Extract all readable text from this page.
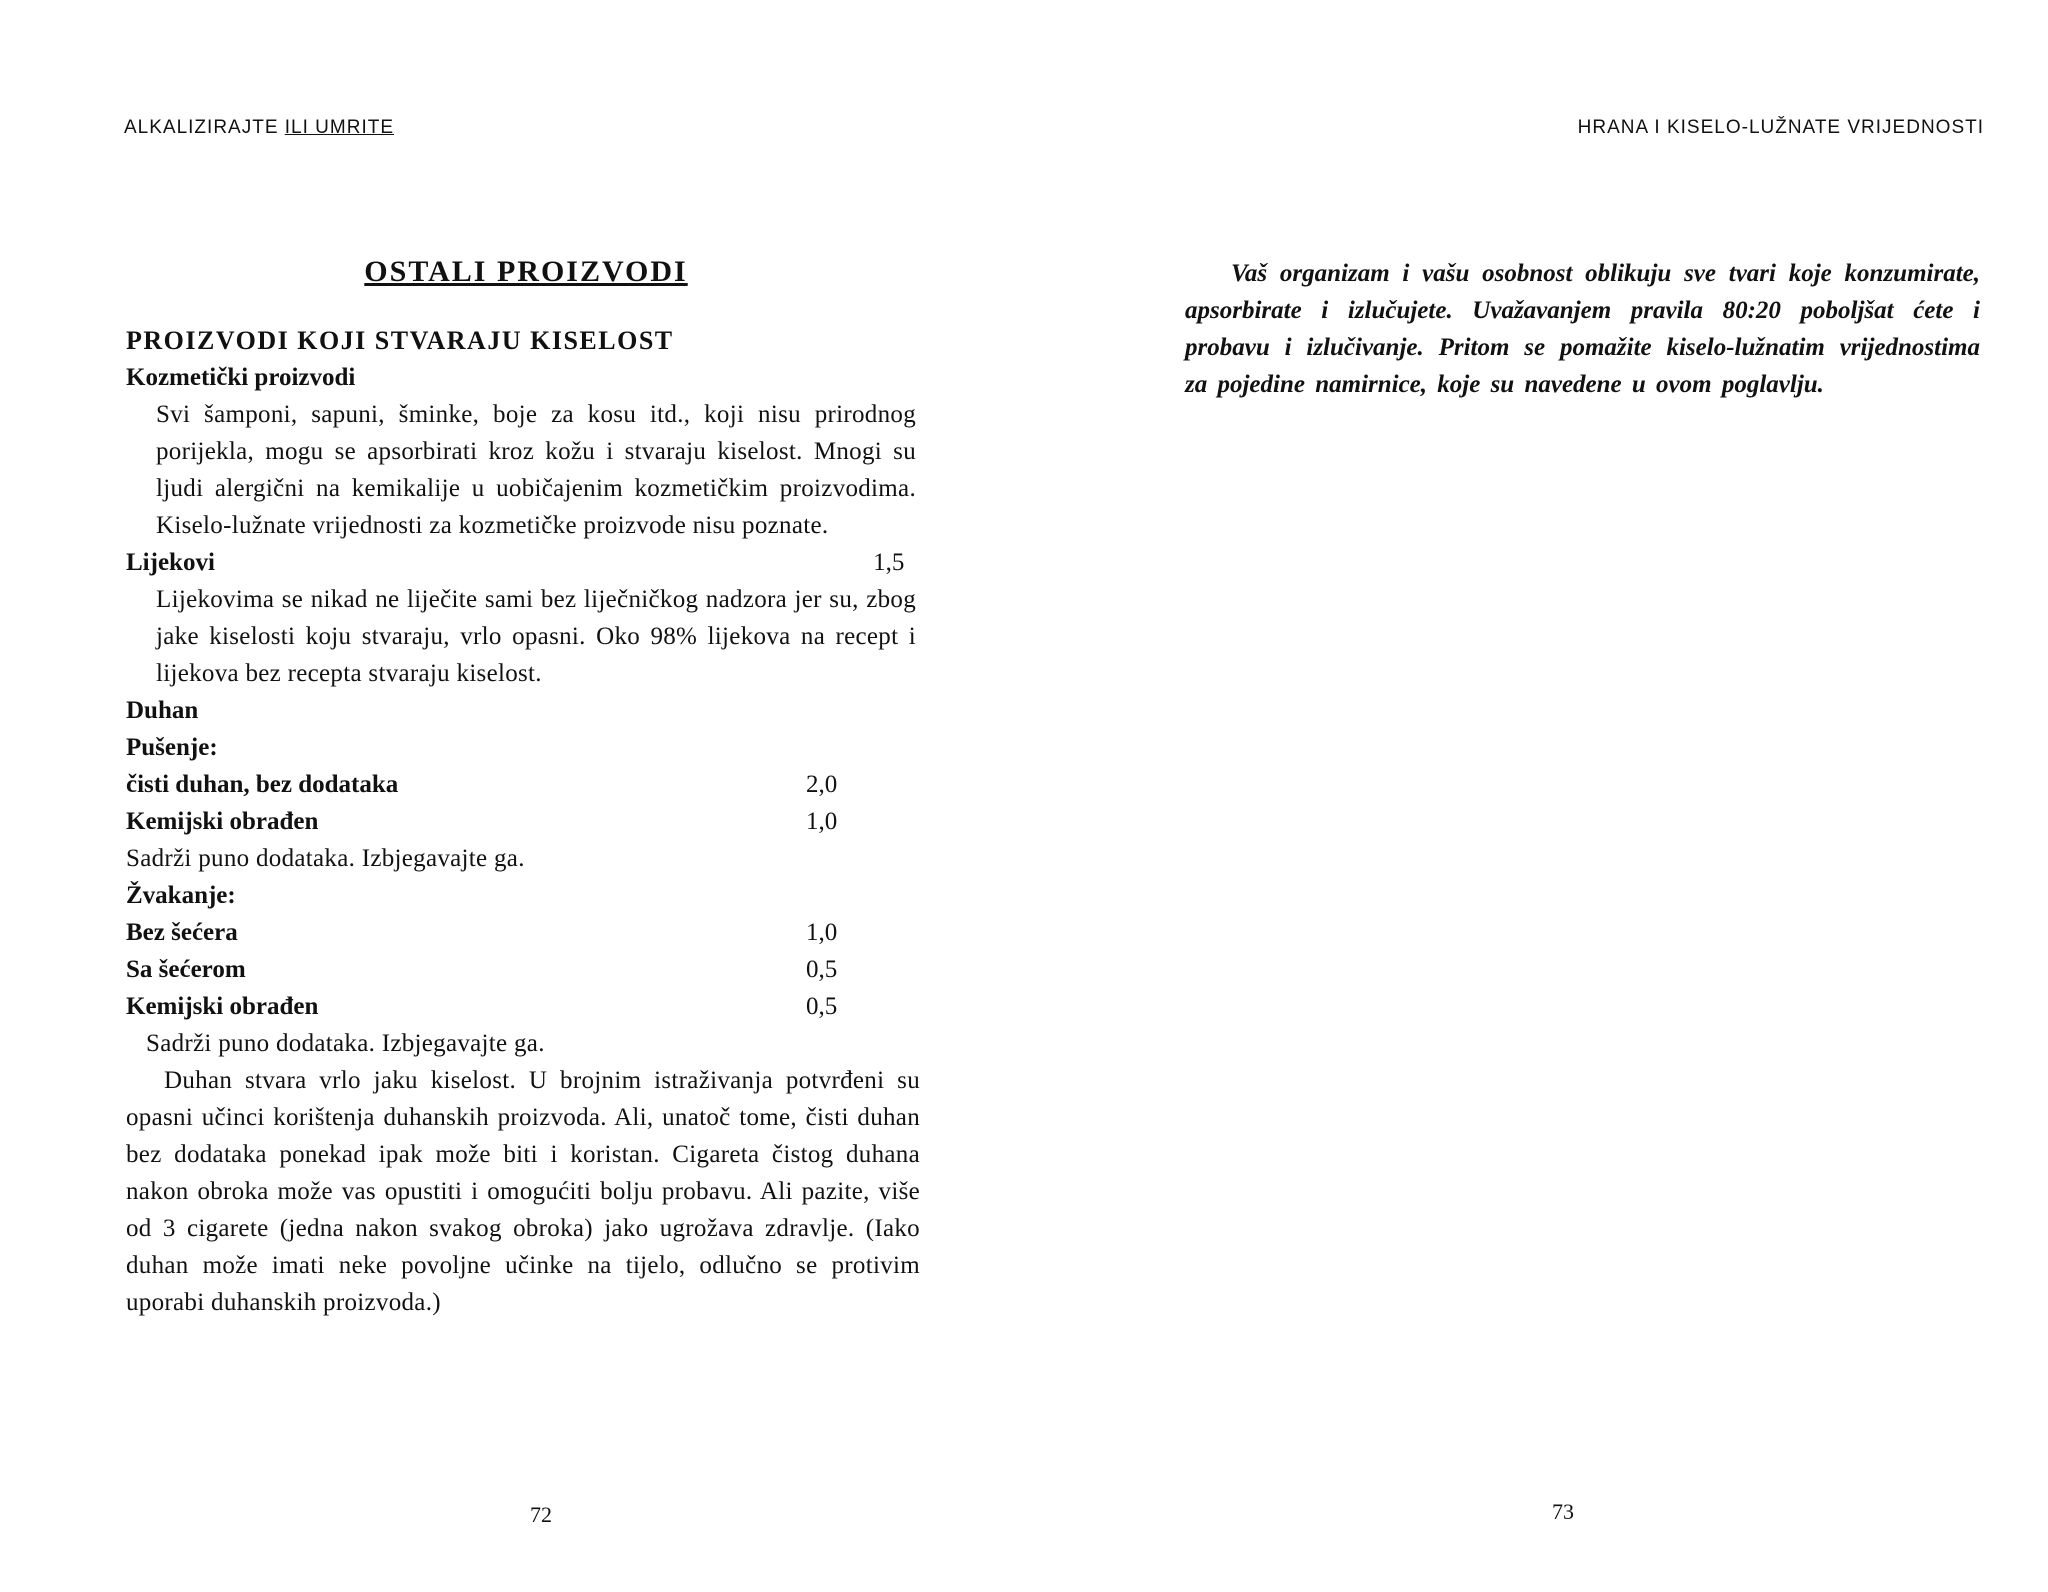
ALKALIZIRAJTE ILI UMRITE	HRANA I KISELO-LUŽNATE VRIJEDNOSTI
OSTALI PROIZVODI
PROIZVODI KOJI STVARAJU KISELOST

Kozmetički proizvodi

Svi šamponi, sapuni, šminke, boje za kosu itd., koji nisu prirodnog porijekla, mogu se apsorbirati kroz kožu i stvaraju kiselost. Mnogi su ljudi alergični na kemikalije u uobičajenim kozmetičkim proizvodima. Kiselo-lužnate vrijednosti za kozmetičke proizvode nisu poznate.

Lijekovi	1,5

Lijekovima se nikad ne liječite sami bez liječničkog nadzora jer su, zbog jake kiselosti koju stvaraju, vrlo opasni. Oko 98% lijekova na recept i lijekova bez recepta stvaraju kiselost.

Duhan

Pušenje:

čisti duhan, bez dodataka	2,0
Kemijski obrađen	1,0

Sadrži puno dodataka. Izbjegavajte ga.

Žvakanje:

Bez šećera	1,0
Sa šećerom	0,5
Kemijski obrađen	0,5

Sadrži puno dodataka. Izbjegavajte ga.

Duhan stvara vrlo jaku kiselost. U brojnim istraživanja potvrđeni su opasni učinci korištenja duhanskih proizvoda. Ali, unatoč tome, čisti duhan bez dodataka ponekad ipak može biti i koristan. Cigareta čistog duhana nakon obroka može vas opustiti i omogućiti bolju probavu. Ali pazite, više od 3 cigarete (jedna nakon svakog obroka) jako ugrožava zdravlje. (Iako duhan može imati neke povoljne učinke na tijelo, odlučno se protivim uporabi duhanskih proizvoda.)

Vaš organizam i vašu osobnost oblikuju sve tvari koje konzumirate, apsorbirate i izlučujete. Uvažavanjem pravila 80:20 poboljšat ćete i probavu i izlučivanje. Pritom se pomažite kiselo-lužnatim vrijednostima za pojedine namirnice, koje su navedene u ovom poglavlju.

72	73
